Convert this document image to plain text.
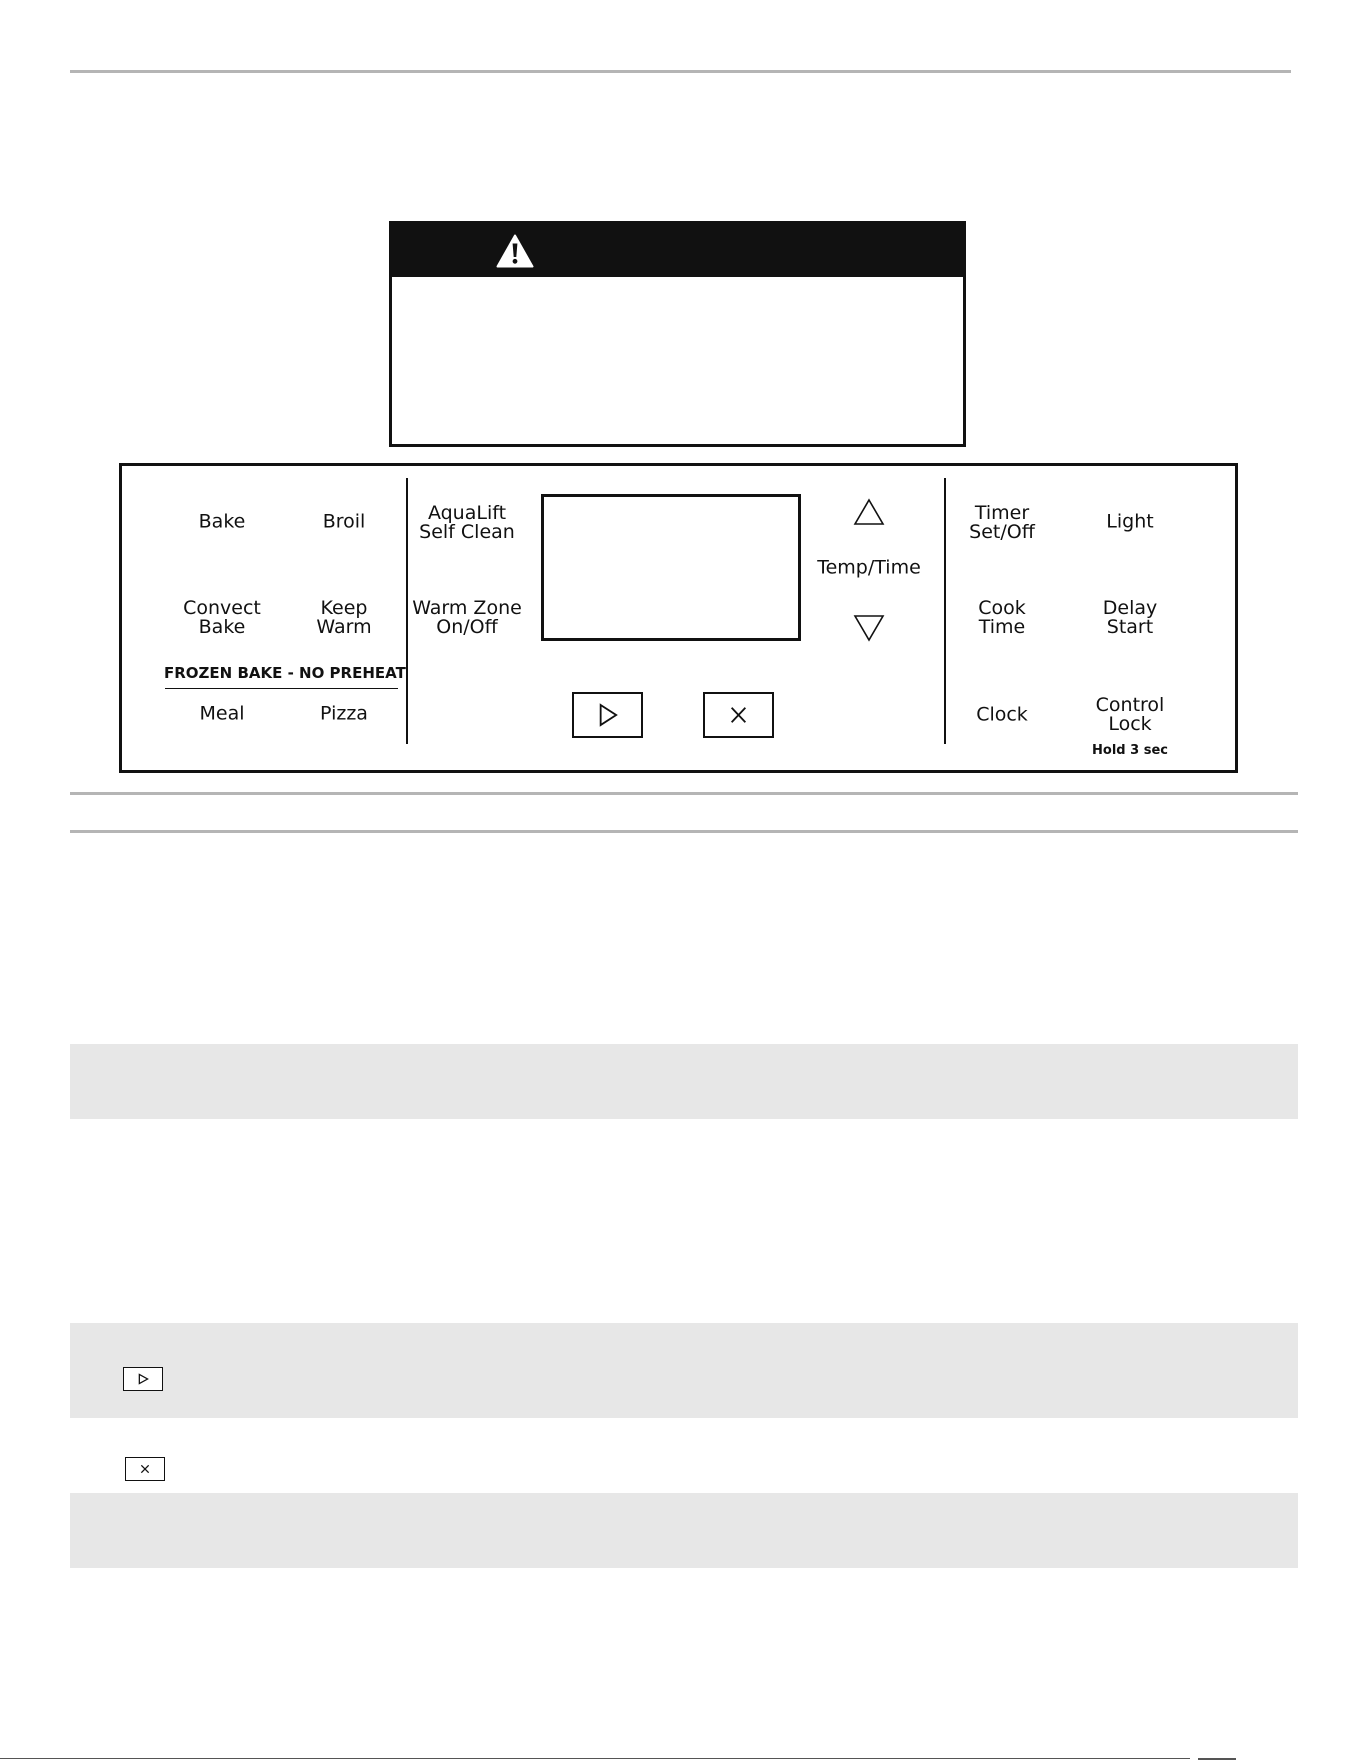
Bake	Broil
Convect
Bake
Keep
Warm
FROZEN BAKE - NO PREHEAT
Meal	Pizza
AquaLift
Self Clean
Warm Zone
On/Off
Temp/Time
Timer
Set/Off	Light
Cook
Time
Delay
Start
Clock	Control
Lock
Hold 3 sec
